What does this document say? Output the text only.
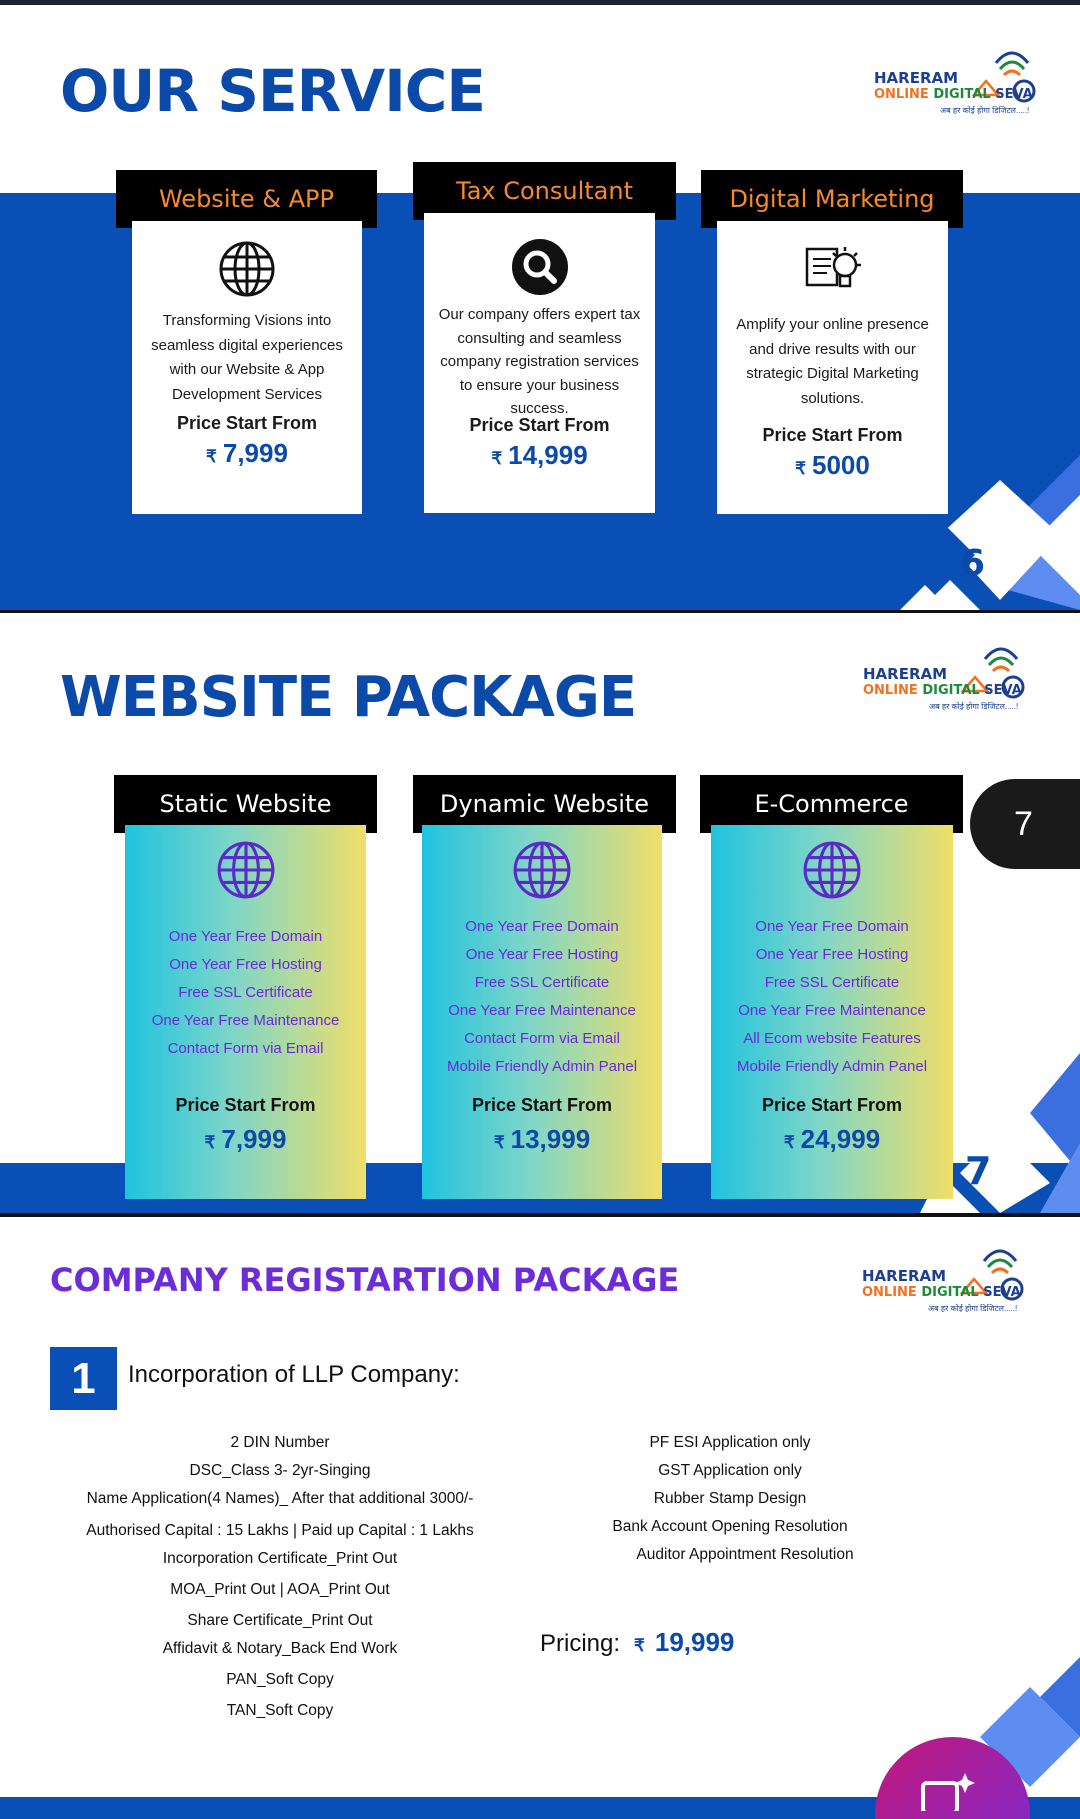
OUR SERVICE	HARERAM
ONLINE DIGITAL SEVA
अब हर कोई होगा डिजिटल.....!
Website & APP
Transforming Visions into seamless digital experiences with our Website & App Development Services
Price Start From
₹ 7,999
Tax Consultant
Our company offers expert tax consulting and seamless company registration services to ensure your business success.
Price Start From
₹ 14,999
Digital Marketing
Amplify your online presence and drive results with our strategic Digital Marketing solutions.
Price Start From
₹ 5000
6
WEBSITE PACKAGE	HARERAM
ONLINE DIGITAL SEVA
अब हर कोई होगा डिजिटल.....!
Static Website
One Year Free Domain
One Year Free Hosting
Free SSL Certificate
One Year Free Maintenance
Contact Form via Email
Price Start From
₹ 7,999
Dynamic Website
One Year Free Domain
One Year Free Hosting
Free SSL Certificate
One Year Free Maintenance
Contact Form via Email
Mobile Friendly Admin Panel
Price Start From
₹ 13,999
E-Commerce
One Year Free Domain
One Year Free Hosting
Free SSL Certificate
One Year Free Maintenance
All Ecom website Features
Mobile Friendly Admin Panel
Price Start From
₹ 24,999
7
7
COMPANY REGISTARTION PACKAGE	HARERAM
ONLINE DIGITAL SEVA
अब हर कोई होगा डिजिटल.....!
1	Incorporation of LLP Company:
2 DIN Number
DSC_Class 3- 2yr-Singing
Name Application(4 Names)_ After that additional 3000/-
Authorised Capital : 15 Lakhs | Paid up Capital : 1 Lakhs
Incorporation Certificate_Print Out
MOA_Print Out | AOA_Print Out
Share Certificate_Print Out
Affidavit & Notary_Back End Work
PAN_Soft Copy
TAN_Soft Copy
PF ESI Application only
GST Application only
Rubber Stamp Design
Bank Account Opening Resolution
Auditor Appointment Resolution
Pricing: ₹ 19,999
